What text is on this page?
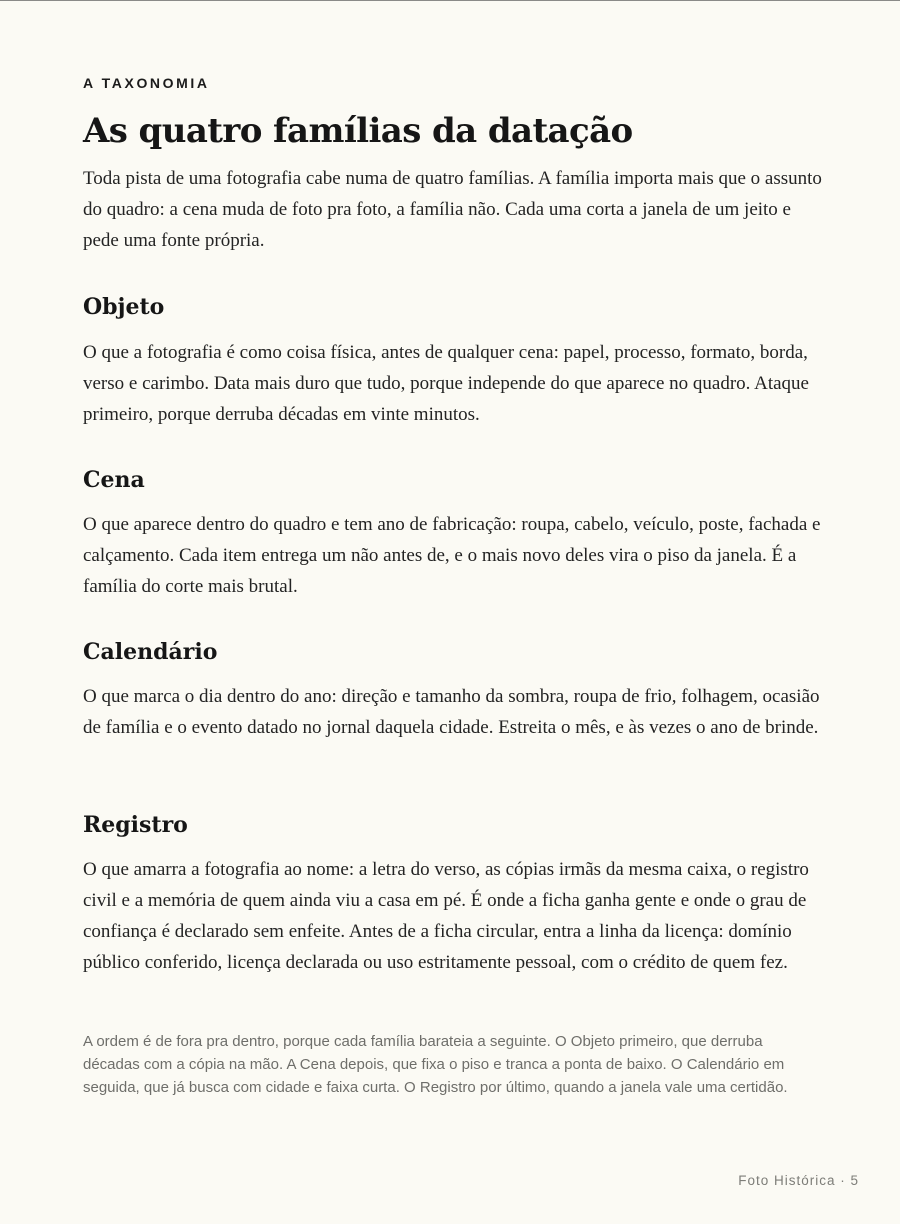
A TAXONOMIA

As quatro famílias da datação

Toda pista de uma fotografia cabe numa de quatro famílias. A família importa mais que o assunto do quadro: a cena muda de foto pra foto, a família não. Cada uma corta a janela de um jeito e pede uma fonte própria.

Objeto

O que a fotografia é como coisa física, antes de qualquer cena: papel, processo, formato, borda, verso e carimbo. Data mais duro que tudo, porque independe do que aparece no quadro. Ataque primeiro, porque derruba décadas em vinte minutos.

Cena

O que aparece dentro do quadro e tem ano de fabricação: roupa, cabelo, veículo, poste, fachada e calçamento. Cada item entrega um não antes de, e o mais novo deles vira o piso da janela. É a família do corte mais brutal.

Calendário

O que marca o dia dentro do ano: direção e tamanho da sombra, roupa de frio, folhagem, ocasião de família e o evento datado no jornal daquela cidade. Estreita o mês, e às vezes o ano de brinde.

Registro

O que amarra a fotografia ao nome: a letra do verso, as cópias irmãs da mesma caixa, o registro civil e a memória de quem ainda viu a casa em pé. É onde a ficha ganha gente e onde o grau de confiança é declarado sem enfeite. Antes de a ficha circular, entra a linha da licença: domínio público conferido, licença declarada ou uso estritamente pessoal, com o crédito de quem fez.

A ordem é de fora pra dentro, porque cada família barateia a seguinte. O Objeto primeiro, que derruba décadas com a cópia na mão. A Cena depois, que fixa o piso e tranca a ponta de baixo. O Calendário em seguida, que já busca com cidade e faixa curta. O Registro por último, quando a janela vale uma certidão.

Foto Histórica · 5
